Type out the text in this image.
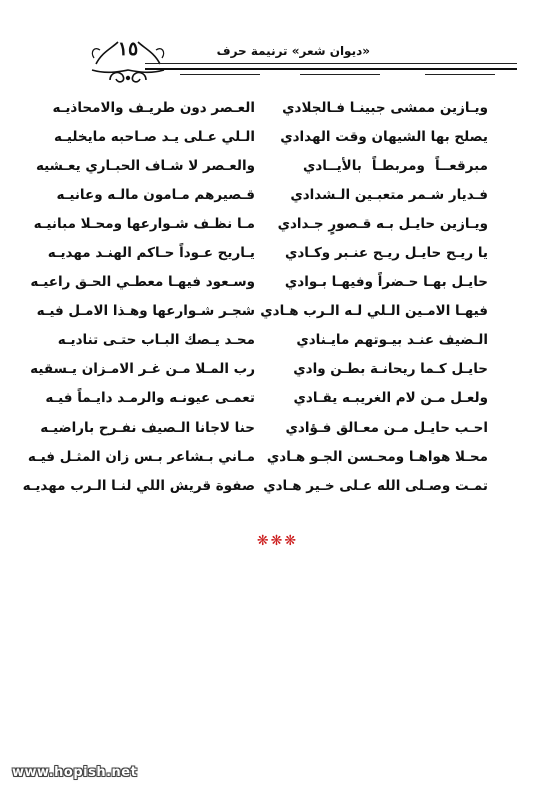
١٥	«ديوان شعر» ترنيمة حرف
ويـازين ممشى جبينـا فـالجلادي
العـصر دون طريـف والامحاذيـه
يصلح بها الشيهان وقت الهدادي
الـلي عـلى يـد صـاحبه مايخليـه
مبرقعــاً ومربطـاً بالأيــادي
والعـصر لا شـاف الحبـاري يعـشيه
فـديار شـمر متعبـين الـشدادي
قـصيرهم مـامون مالـه وعانيـه
ويـازين حايـل بـه قـصورٍ جـدادي
مـا نظـف شـوارعها ومحـلا مبانيـه
يا ريـح حايـل ريـح عنـبر وكـادي
يـاريح عـوداً حـاكم الهنـد مهديـه
حايـل بهـا حـضراً وفيهـا بـوادي
وسـعود فيهـا معطـي الحـق راعيـه
فيهـا الامـين الـلي لـه الـرب هـادي
شجـر شـوارعها وهـذا الامـل فيـه
الـضيف عنـد بيـوتهم مايـنادي
محـد يـصك البـاب حتـى تناديـه
حايـل كـما ريحانـة بطـن وادي
رب المـلا مـن غـر الامـزان يـسقيه
ولعـل مـن لام الغريبـه يقـادي
تعمـى عيونـه والرمـد دايـماً فيـه
احـب حايـل مـن معـالق فـؤادي
حنا لاجانا الـصيف نفـرح باراضيـه
محـلا هواهـا ومحـسن الجـو هـادي
مـاني بـشاعر بـس زان المثـل فيـه
تمـت وصـلى الله عـلى خـير هـادي
صفوة قريش اللي لنـا الـرب مهديـه
❋❋❋
www.hopish.net
